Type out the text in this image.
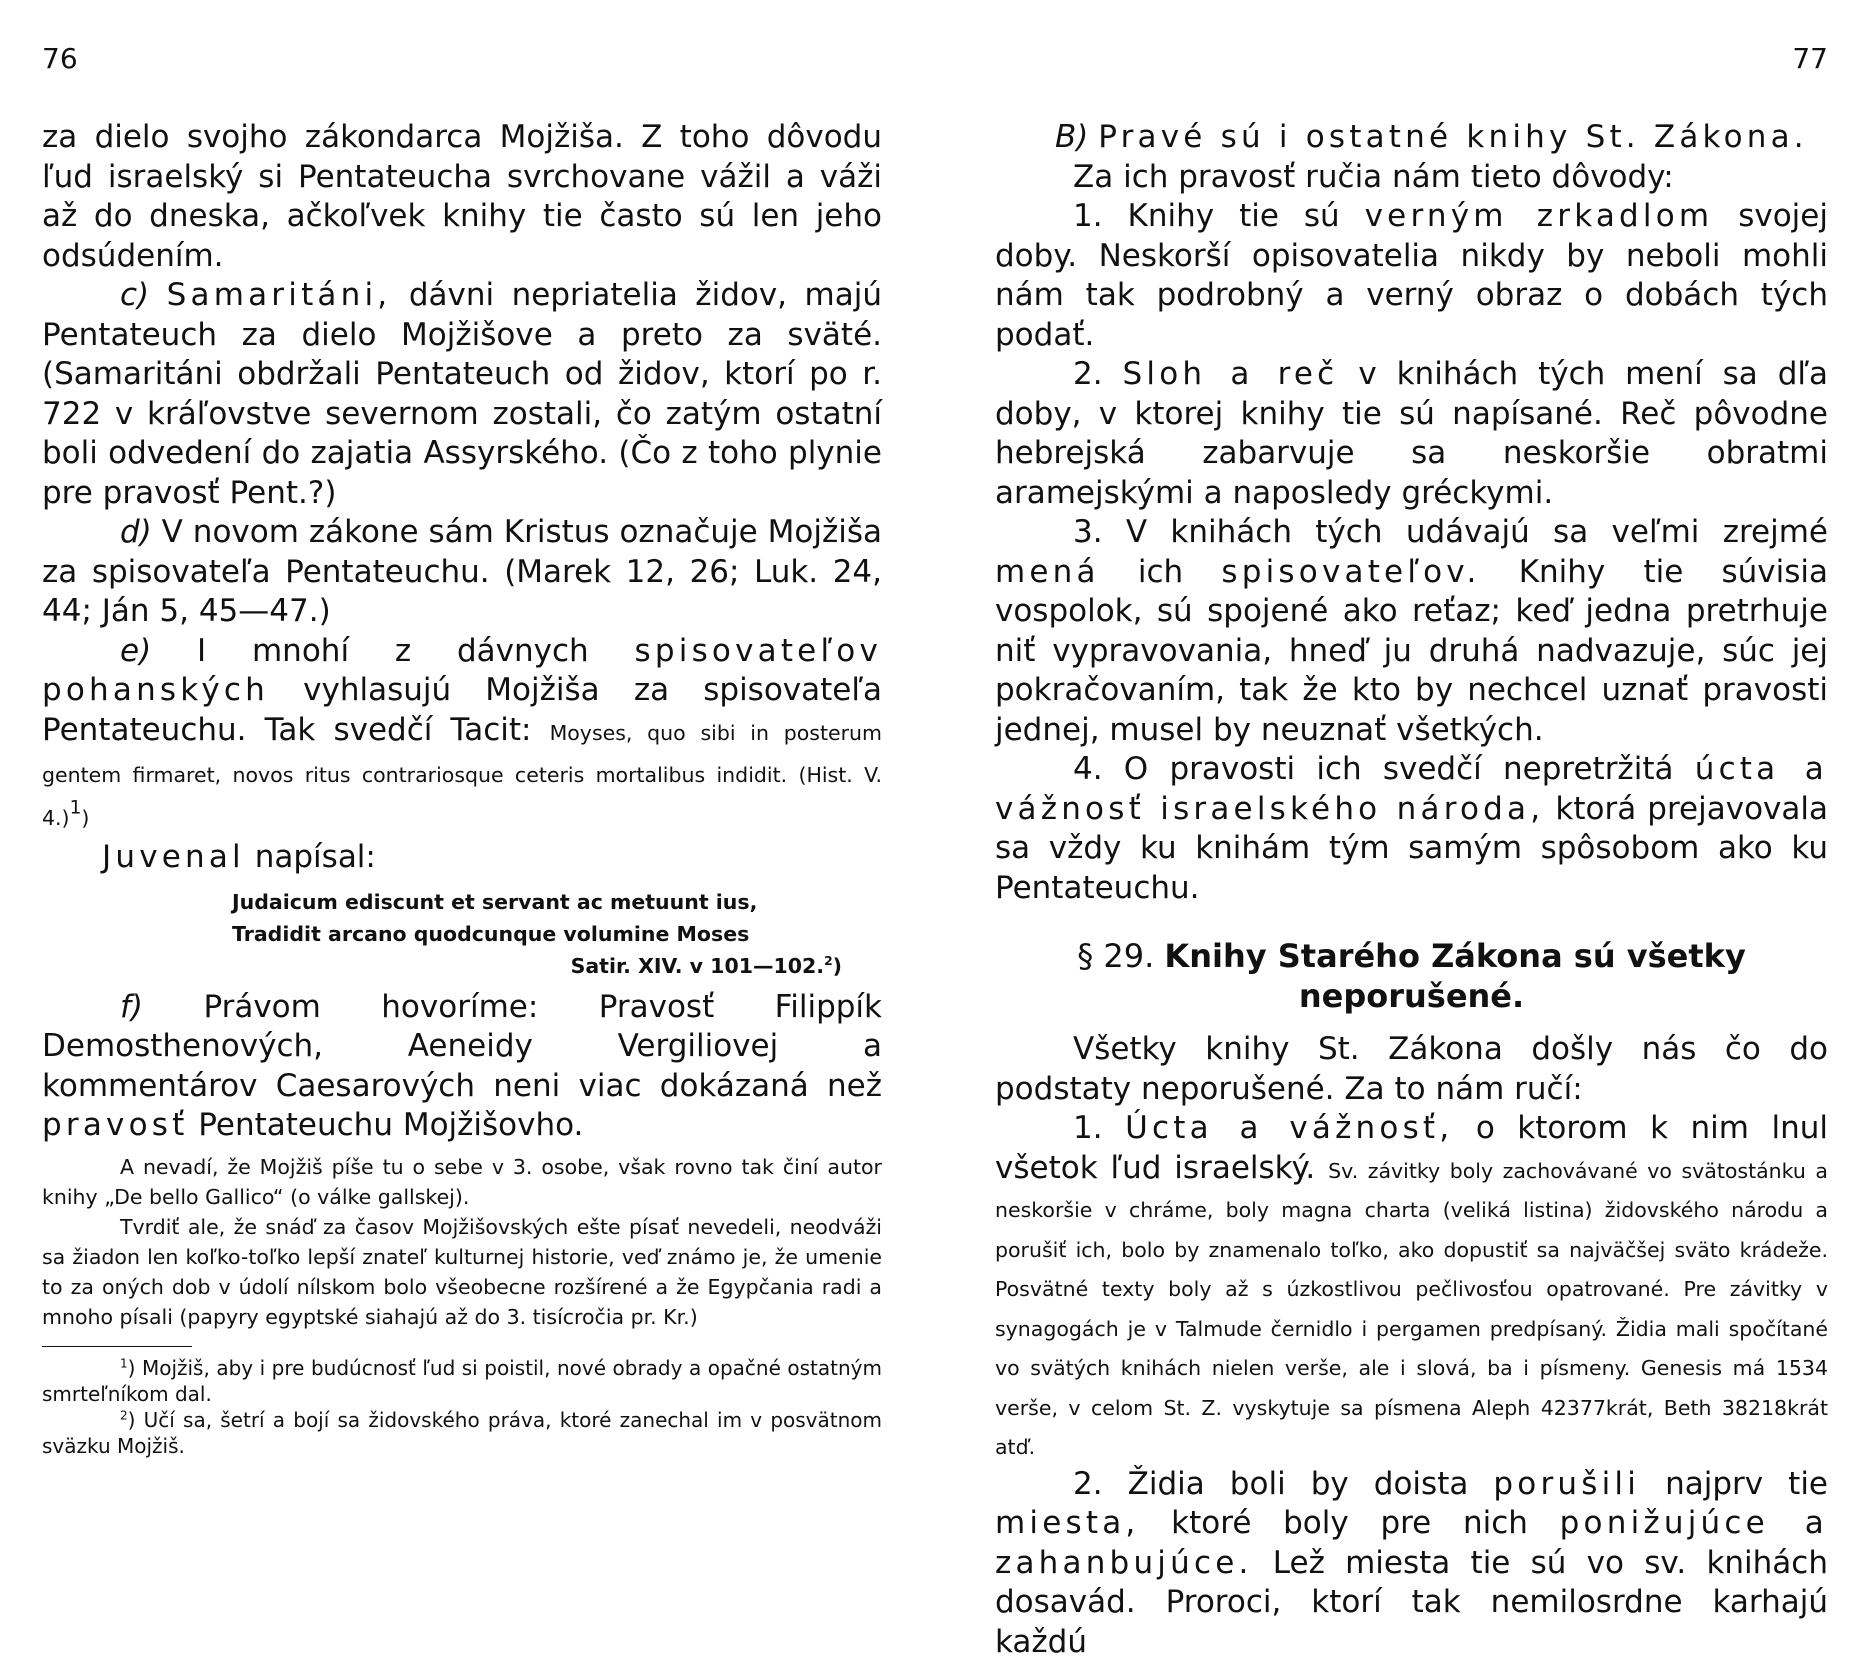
76

za dielo svojho zákondarca Mojžiša. Z toho dôvodu ľud israelský si Pentateucha svrchovane vážil a váži až do dneska, ačkoľvek knihy tie často sú len jeho odsúdením.

c) Samaritáni, dávni nepriatelia židov, majú Pentateuch za dielo Mojžišove a preto za sväté. (Samaritáni obdržali Pentateuch od židov, ktorí po r. 722 v kráľovstve severnom zostali, čo zatým ostatní boli odvedení do zajatia Assyrského. (Čo z toho plynie pre pravosť Pent.?)

d) V novom zákone sám Kristus označuje Mojžiša za spisovateľa Pentateuchu. (Marek 12, 26; Luk. 24, 44; Ján 5, 45—47.)

e) I mnohí z dávnych spisovateľov pohanských vyhlasujú Mojžiša za spisovateľa Pentateuchu. Tak svedčí Tacit: Moyses, quo sibi in posterum gentem firmaret, novos ritus contrariosque ceteris mortalibus indidit. (Hist. V. 4.)$^1$)

Juvenal napísal:

Judaicum ediscunt et servant ac metuunt ius,
Tradidit arcano quodcunque volumine Moses
Satir. XIV. v 101—102.$^2$)

f) Právom hovoríme: Pravosť Filippík Demosthenových, Aeneidy Vergiliovej a kommentárov Caesarových neni viac dokázaná než pravosť Pentateuchu Mojžišovho.

A nevadí, že Mojžiš píše tu o sebe v 3. osobe, však rovno tak činí autor knihy „De bello Gallico“ (o válke gallskej).

Tvrdiť ale, že snáď za časov Mojžišovských ešte písať nevedeli, neodváži sa žiadon len koľko-toľko lepší znateľ kulturnej historie, veď známo je, že umenie to za oných dob v údolí nílskom bolo všeobecne rozšírené a že Egypčania radi a mnoho písali (papyry egyptské siahajú až do 3. tisícročia pr. Kr.)

$^1$) Mojžiš, aby i pre budúcnosť ľud si poistil, nové obrady a opačné ostatným smrteľníkom dal.

$^2$) Učí sa, šetrí a bojí sa židovského práva, ktoré zanechal im v posvätnom sväzku Mojžiš.

77

B) Pravé sú i ostatné knihy St. Zákona.

Za ich pravosť ručia nám tieto dôvody:

1. Knihy tie sú verným zrkadlom svojej doby. Neskorší opisovatelia nikdy by neboli mohli nám tak podrobný a verný obraz o dobách tých podať.

2. Sloh a reč v knihách tých mení sa dľa doby, v ktorej knihy tie sú napísané. Reč pôvodne hebrejská zabarvuje sa neskoršie obratmi aramejskými a naposledy gréckymi.

3. V knihách tých udávajú sa veľmi zrejmé mená ich spisovateľov. Knihy tie súvisia vospolok, sú spojené ako reťaz; keď jedna pretrhuje niť vypravovania, hneď ju druhá nadvazuje, súc jej pokračovaním, tak že kto by nechcel uznať pravosti jednej, musel by neuznať všetkých.

4. O pravosti ich svedčí nepretržitá úcta a vážnosť israelského národa, ktorá prejavovala sa vždy ku knihám tým samým spôsobom ako ku Pentateuchu.

§ 29. Knihy Starého Zákona sú všetky neporušené.

Všetky knihy St. Zákona došly nás čo do podstaty neporušené. Za to nám ručí:

1. Úcta a vážnosť, o ktorom k nim lnul všetok ľud israelský. Sv. závitky boly zachovávané vo svätostánku a neskoršie v chráme, boly magna charta (veliká listina) židovského národu a porušiť ich, bolo by znamenalo toľko, ako dopustiť sa najväčšej sväto krádeže. Posvätné texty boly až s úzkostlivou pečlivosťou opatrované. Pre závitky v synagogách je v Talmude černidlo i pergamen predpísaný. Židia mali spočítané vo svätých knihách nielen verše, ale i slová, ba i písmeny. Genesis má 1534 verše, v celom St. Z. vyskytuje sa písmena Aleph 42377krát, Beth 38218krát atď.

2. Židia boli by doista porušili najprv tie miesta, ktoré boly pre nich ponižujúce a zahanbujúce. Lež miesta tie sú vo sv. knihách dosavád. Proroci, ktorí tak nemilosrdne karhajú každú
